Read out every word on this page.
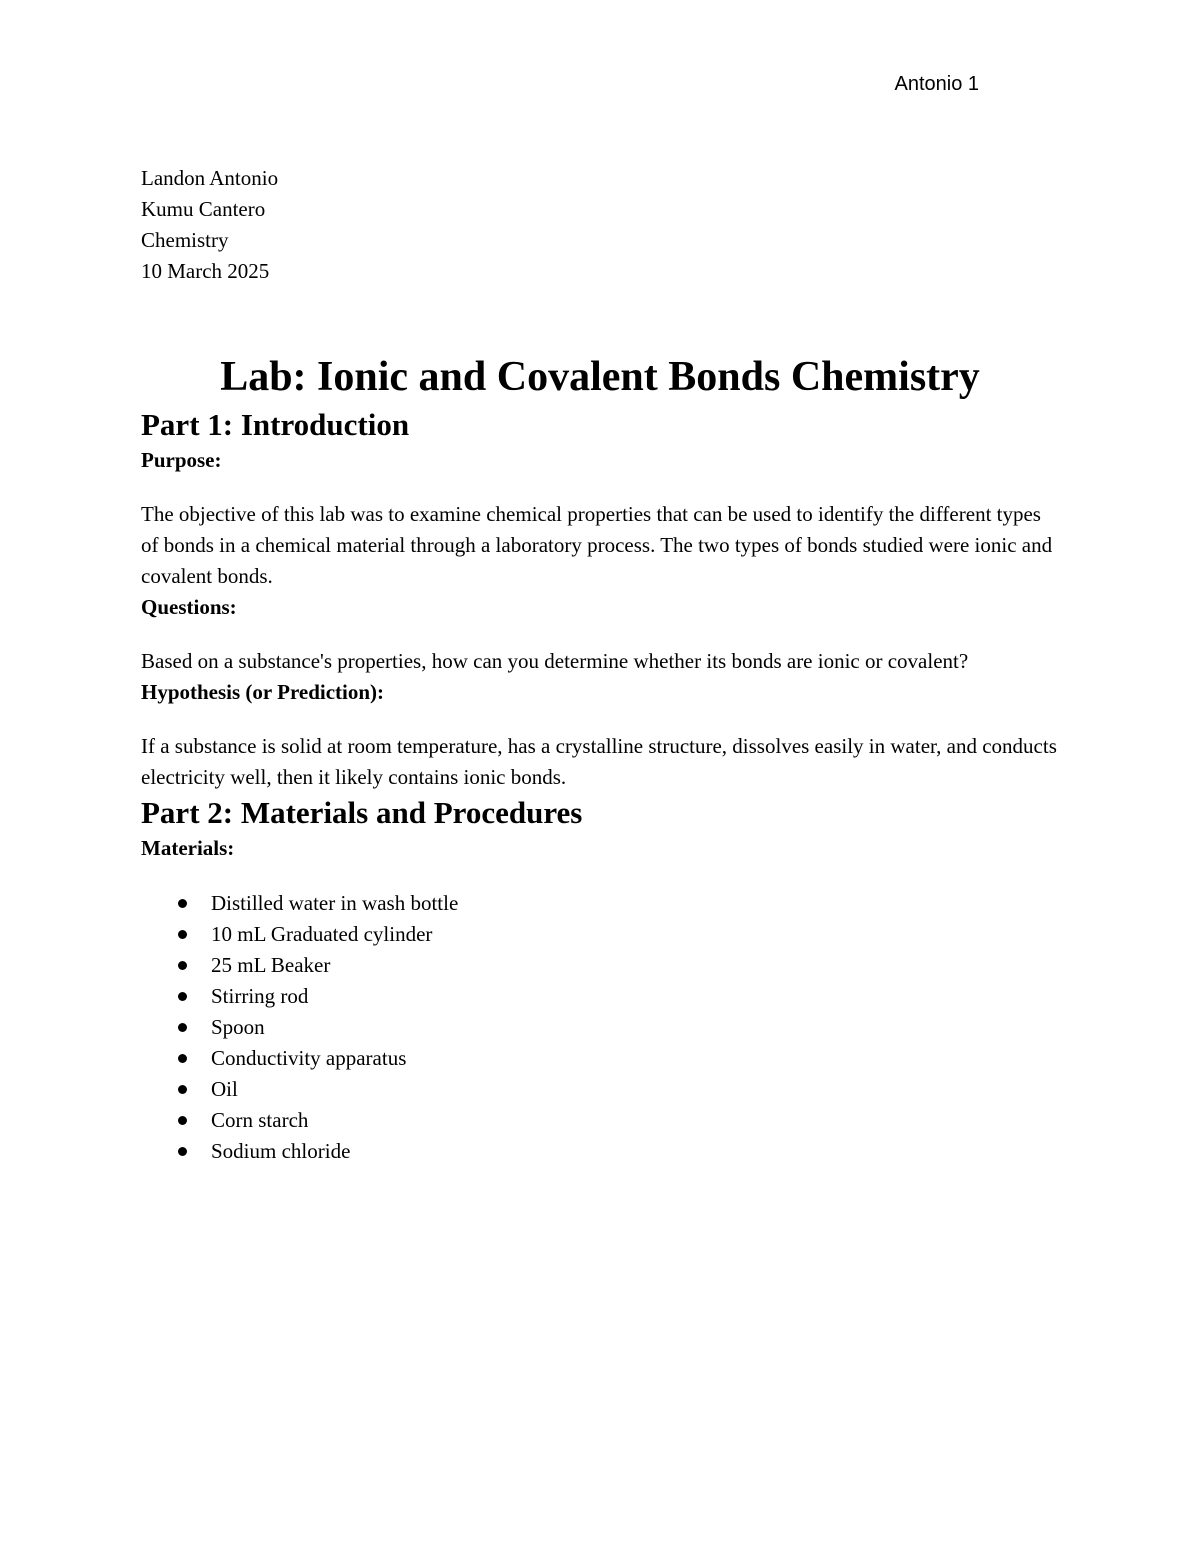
Antonio 1
Landon Antonio
Kumu Cantero
Chemistry
10 March 2025
Lab: Ionic and Covalent Bonds Chemistry
Part 1: Introduction
Purpose:

The objective of this lab was to examine chemical properties that can be used to identify the different types of bonds in a chemical material through a laboratory process. The two types of bonds studied were ionic and covalent bonds.

Questions:

Based on a substance's properties, how can you determine whether its bonds are ionic or covalent?

Hypothesis (or Prediction):

If a substance is solid at room temperature, has a crystalline structure, dissolves easily in water, and conducts electricity well, then it likely contains ionic bonds.

Part 2: Materials and Procedures
Materials:
Distilled water in wash bottle
10 mL Graduated cylinder
25 mL Beaker
Stirring rod
Spoon
Conductivity apparatus
Oil
Corn starch
Sodium chloride
